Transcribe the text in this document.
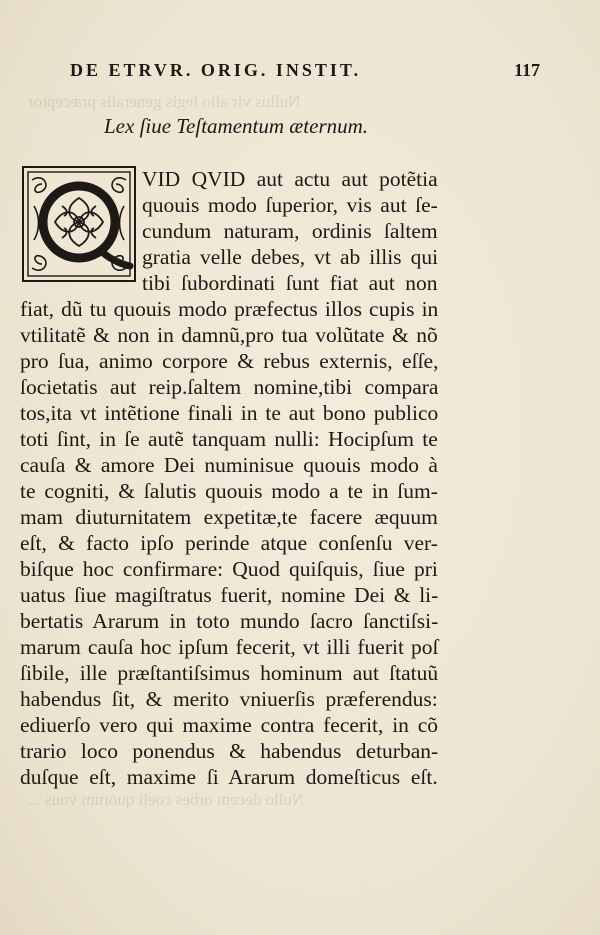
Nullus vir alio legis generalis præceptor
Nullo decem orbes coeli quorum vnus ...
DE ETRVR. ORIG. INSTIT.	117
Lex ſiue Teſtamentum æternum.
VID QVID aut actu aut potẽtia
quouis modo ſuperior, vis aut ſe-
cundum naturam, ordinis ſaltem
gratia velle debes, vt ab illis qui
tibi ſubordinati ſunt fiat aut non
fiat, dũ tu quouis modo præfectus illos cupis in
vtilitatẽ & non in damnũ,pro tua volũtate & nõ
pro ſua, animo corpore & rebus externis, eſſe,
ſocietatis aut reip.ſaltem nomine,tibi compara
tos,ita vt intẽtione finali in te aut bono publico
toti ſint, in ſe autẽ tanquam nulli: Hocipſum te
cauſa & amore Dei numinisue quouis modo à
te cogniti, & ſalutis quouis modo a te in ſum-
mam diuturnitatem expetitæ,te facere æquum
eſt, & facto ipſo perinde atque conſenſu ver-
biſque hoc confirmare: Quod quiſquis, ſiue pri
uatus ſiue magiſtratus fuerit, nomine Dei & li-
bertatis Ararum in toto mundo ſacro ſanctiſsi-
marum cauſa hoc ipſum fecerit, vt illi fuerit poſ
ſibile, ille præſtantiſsimus hominum aut ſtatuũ
habendus ſit, & merito vniuerſis præferendus:
ediuerſo vero qui maxime contra fecerit, in cõ
trario loco ponendus & habendus deturban-
duſque eſt, maxime ſi Ararum domeſticus eſt.
